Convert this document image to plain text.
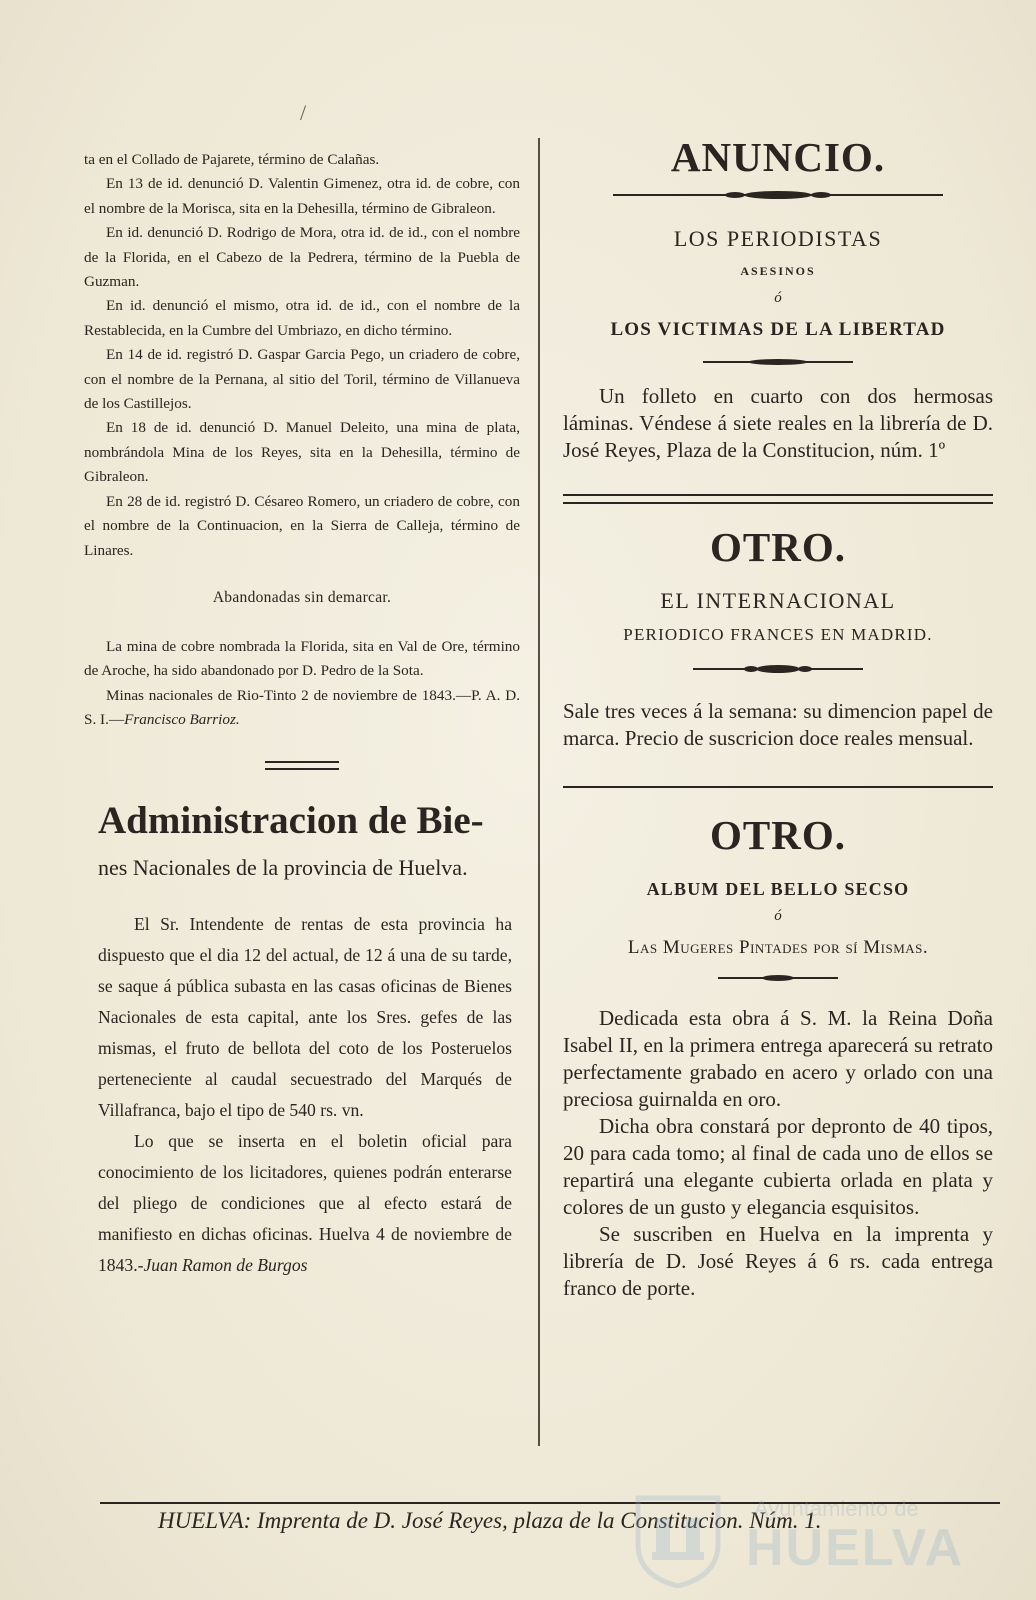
/

ta en el Collado de Pajarete, término de Calañas.

En 13 de id. denunció D. Valentin Gimenez, otra id. de cobre, con el nombre de la Morisca, sita en la Dehesilla, término de Gibraleon.

En id. denunció D. Rodrigo de Mora, otra id. de id., con el nombre de la Florida, en el Cabezo de la Pedrera, término de la Puebla de Guzman.

En id. denunció el mismo, otra id. de id., con el nombre de la Restablecida, en la Cumbre del Umbriazo, en dicho término.

En 14 de id. registró D. Gaspar Garcia Pego, un criadero de cobre, con el nombre de la Pernana, al sitio del Toril, término de Villanueva de los Castillejos.

En 18 de id. denunció D. Manuel Deleito, una mina de plata, nombrándola Mina de los Reyes, sita en la Dehesilla, término de Gibraleon.

En 28 de id. registró D. Césareo Romero, un criadero de cobre, con el nombre de la Continuacion, en la Sierra de Calleja, término de Linares.

Abandonadas sin demarcar.

La mina de cobre nombrada la Florida, sita en Val de Ore, término de Aroche, ha sido abandonado por D. Pedro de la Sota.

Minas nacionales de Rio-Tinto 2 de noviembre de 1843.—P. A. D. S. I.—Francisco Barrioz.

Administracion de Bie-
nes Nacionales de la provincia de Huelva.

El Sr. Intendente de rentas de esta provincia ha dispuesto que el dia 12 del actual, de 12 á una de su tarde, se saque á pública subasta en las casas oficinas de Bienes Nacionales de esta capital, ante los Sres. gefes de las mismas, el fruto de bellota del coto de los Posteruelos perteneciente al caudal secuestrado del Marqués de Villafranca, bajo el tipo de 540 rs. vn.

Lo que se inserta en el boletin oficial para conocimiento de los licitadores, quienes podrán enterarse del pliego de condiciones que al efecto estará de manifiesto en dichas oficinas. Huelva 4 de noviembre de 1843.-Juan Ramon de Burgos

ANUNCIO.

LOS PERIODISTAS

ASESINOS

ó

LOS VICTIMAS DE LA LIBERTAD

Un folleto en cuarto con dos hermosas láminas. Véndese á siete reales en la librería de D. José Reyes, Plaza de la Constitucion, núm. 1º

OTRO.

EL INTERNACIONAL

PERIODICO FRANCES EN MADRID.

Sale tres veces á la semana: su dimencion papel de marca. Precio de suscricion doce reales mensual.

OTRO.

ALBUM DEL BELLO SECSO

ó

Las Mugeres Pintades por sí Mismas.

Dedicada esta obra á S. M. la Reina Doña Isabel II, en la primera entrega aparecerá su retrato perfectamente grabado en acero y orlado con una preciosa guirnalda en oro.

Dicha obra constará por depronto de 40 tipos, 20 para cada tomo; al final de cada uno de ellos se repartirá una elegante cubierta orlada en plata y colores de un gusto y elegancia esquisitos.

Se suscriben en Huelva en la imprenta y librería de D. José Reyes á 6 rs. cada entrega franco de porte.

HUELVA: Imprenta de D. José Reyes, plaza de la Constitucion. Núm. 1.
Ayuntamiento de
HUELVA
